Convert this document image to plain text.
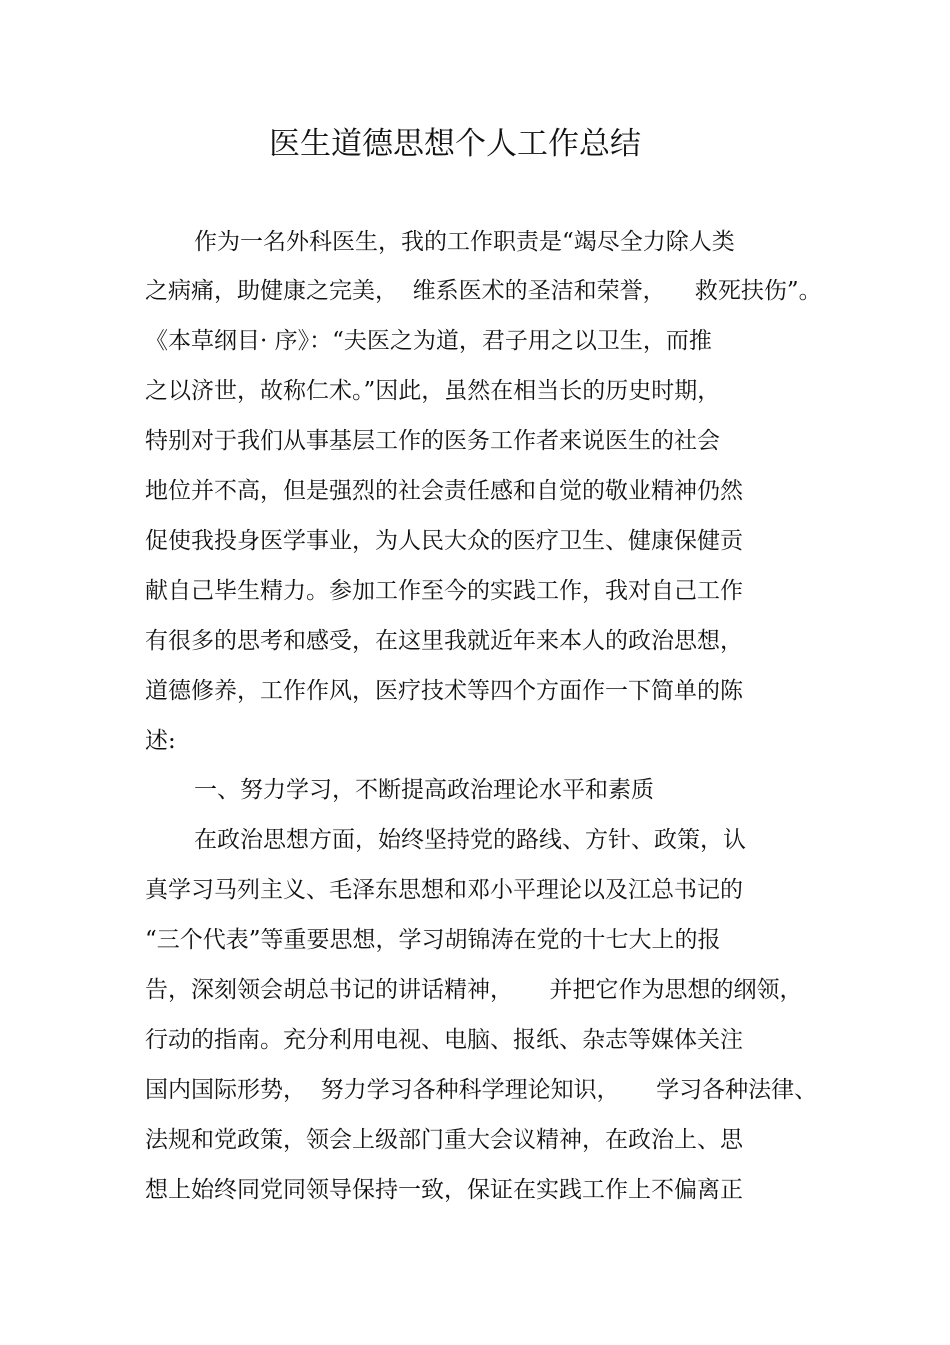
医生道德思想个人工作总结
作为一名外科医生，我的工作职责是“竭尽全力除人类
之病痛，助健康之完美，  维系医术的圣洁和荣誉，    救死扶伤”。
《本草纲目· 序》：“夫医之为道，君子用之以卫生，而推
之以济世，故称仁术。”因此，虽然在相当长的历史时期，
特别对于我们从事基层工作的医务工作者来说医生的社会
地位并不高，但是强烈的社会责任感和自觉的敬业精神仍然
促使我投身医学事业，为人民大众的医疗卫生、健康保健贡
献自己毕生精力。参加工作至今的实践工作，我对自己工作
有很多的思考和感受，在这里我就近年来本人的政治思想，
道德修养，工作作风，医疗技术等四个方面作一下简单的陈
述:
一、努力学习，不断提高政治理论水平和素质
在政治思想方面，始终坚持党的路线、方针、政策，认
真学习马列主义、毛泽东思想和邓小平理论以及江总书记的
“三个代表”等重要思想，学习胡锦涛在党的十七大上的报
告，深刻领会胡总书记的讲话精神，     并把它作为思想的纲领，
行动的指南。充分利用电视、电脑、报纸、杂志等媒体关注
国内国际形势，  努力学习各种科学理论知识，     学习各种法律、
法规和党政策，领会上级部门重大会议精神，在政治上、思
想上始终同党同领导保持一致，保证在实践工作上不偏离正
